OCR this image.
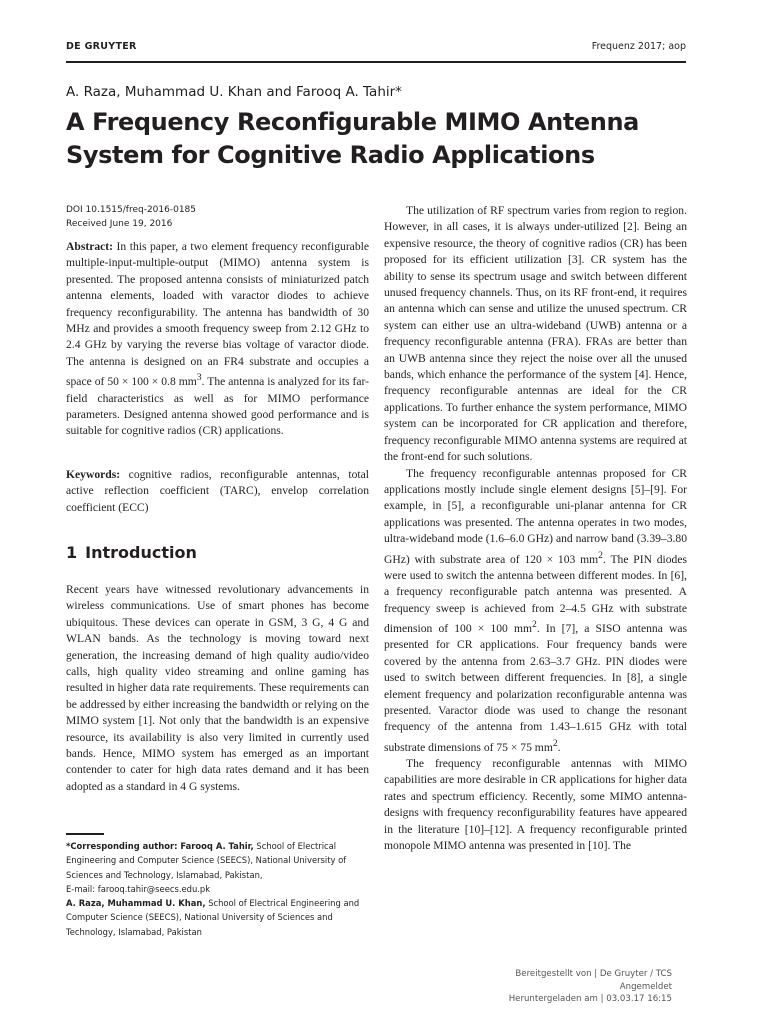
DE GRUYTER	Frequenz 2017; aop
A. Raza, Muhammad U. Khan and Farooq A. Tahir*
A Frequency Reconfigurable MIMO Antenna
System for Cognitive Radio Applications
DOI 10.1515/freq-2016-0185
Received June 19, 2016

Abstract: In this paper, a two element frequency reconfigurable multiple-input-multiple-output (MIMO) antenna system is presented. The proposed antenna consists of miniaturized patch antenna elements, loaded with varactor diodes to achieve frequency reconfigurability. The antenna has bandwidth of 30 MHz and provides a smooth frequency sweep from 2.12 GHz to 2.4 GHz by varying the reverse bias voltage of varactor diode. The antenna is designed on an FR4 substrate and occupies a space of 50 × 100 × 0.8 $mm^3$. The antenna is analyzed for its far-field characteristics as well as for MIMO performance parameters. Designed antenna showed good performance and is suitable for cognitive radios (CR) applications.

Keywords: cognitive radios, reconfigurable antennas, total active reflection coefficient (TARC), envelop correlation coefficient (ECC)

1 Introduction

Recent years have witnessed revolutionary advancements in wireless communications. Use of smart phones has become ubiquitous. These devices can operate in GSM, 3 G, 4 G and WLAN bands. As the technology is moving toward next generation, the increasing demand of high quality audio/video calls, high quality video streaming and online gaming has resulted in higher data rate requirements. These requirements can be addressed by either increasing the bandwidth or relying on the MIMO system [1]. Not only that the bandwidth is an expensive resource, its availability is also very limited in currently used bands. Hence, MIMO system has emerged as an important contender to cater for high data rates demand and it has been adopted as a standard in 4 G systems.

*Corresponding author: Farooq A. Tahir, School of Electrical Engineering and Computer Science (SEECS), National University of Sciences and Technology, Islamabad, Pakistan,

E-mail: farooq.tahir@seecs.edu.pk

A. Raza, Muhammad U. Khan, School of Electrical Engineering and Computer Science (SEECS), National University of Sciences and Technology, Islamabad, Pakistan

The utilization of RF spectrum varies from region to region. However, in all cases, it is always under-utilized [2]. Being an expensive resource, the theory of cognitive radios (CR) has been proposed for its efficient utilization [3]. CR system has the ability to sense its spectrum usage and switch between different unused frequency channels. Thus, on its RF front-end, it requires an antenna which can sense and utilize the unused spectrum. CR system can either use an ultra-wideband (UWB) antenna or a frequency reconfigurable antenna (FRA). FRAs are better than an UWB antenna since they reject the noise over all the unused bands, which enhance the performance of the system [4]. Hence, frequency reconfigurable antennas are ideal for the CR applications. To further enhance the system performance, MIMO system can be incorporated for CR application and therefore, frequency reconfigurable MIMO antenna systems are required at the front-end for such solutions.

The frequency reconfigurable antennas proposed for CR applications mostly include single element designs [5]–[9]. For example, in [5], a reconfigurable uni-planar antenna for CR applications was presented. The antenna operates in two modes, ultra-wideband mode (1.6–6.0 GHz) and narrow band (3.39–3.80 GHz) with substrate area of 120 × 103 $mm^2$. The PIN diodes were used to switch the antenna between different modes. In [6], a frequency reconfigurable patch antenna was presented. A frequency sweep is achieved from 2–4.5 GHz with substrate dimension of 100 × 100 $mm^2$. In [7], a SISO antenna was presented for CR applications. Four frequency bands were covered by the antenna from 2.63–3.7 GHz. PIN diodes were used to switch between different frequencies. In [8], a single element frequency and polarization reconfigurable antenna was presented. Varactor diode was used to change the resonant frequency of the antenna from 1.43–1.615 GHz with total substrate dimensions of 75 × 75 $mm^2$.

The frequency reconfigurable antennas with MIMO capabilities are more desirable in CR applications for higher data rates and spectrum efficiency. Recently, some MIMO antenna-designs with frequency reconfigurability features have appeared in the literature [10]–[12]. A frequency reconfigurable printed monopole MIMO antenna was presented in [10]. The

Bereitgestellt von | De Gruyter / TCS
Angemeldet
Heruntergeladen am | 03.03.17 16:15
